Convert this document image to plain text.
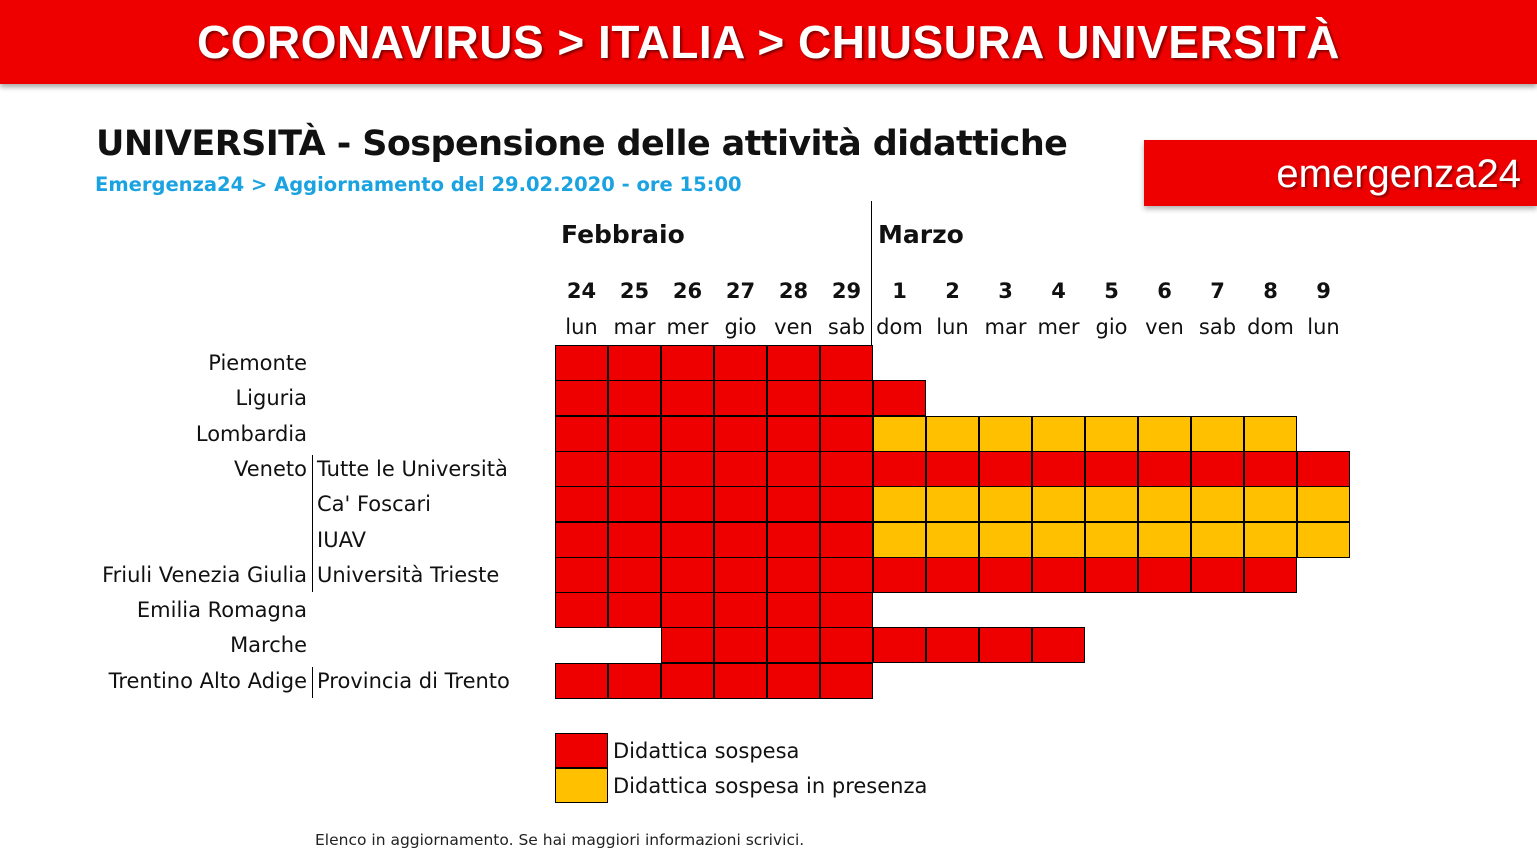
CORONAVIRUS > ITALIA > CHIUSURA UNIVERSITÀ
emergenza24
UNIVERSITÀ - Sospensione delle attività didattiche
Emergenza24 > Aggiornamento del 29.02.2020 - ore 15:00
Febbraio	Marzo
24
lun
25
mar
26
mer
27
gio
28
ven
29
sab
1
dom
2
lun
3
mar
4
mer
5
gio
6
ven
7
sab
8
dom
9
lun
Piemonte
Liguria
Lombardia
Veneto Tutte le Università
Ca' Foscari
IUAV
Friuli Venezia Giulia Università Trieste
Emilia Romagna
Marche
Trentino Alto Adige Provincia di Trento
Didattica sospesa
Didattica sospesa in presenza
Elenco in aggiornamento. Se hai maggiori informazioni scrivici.
